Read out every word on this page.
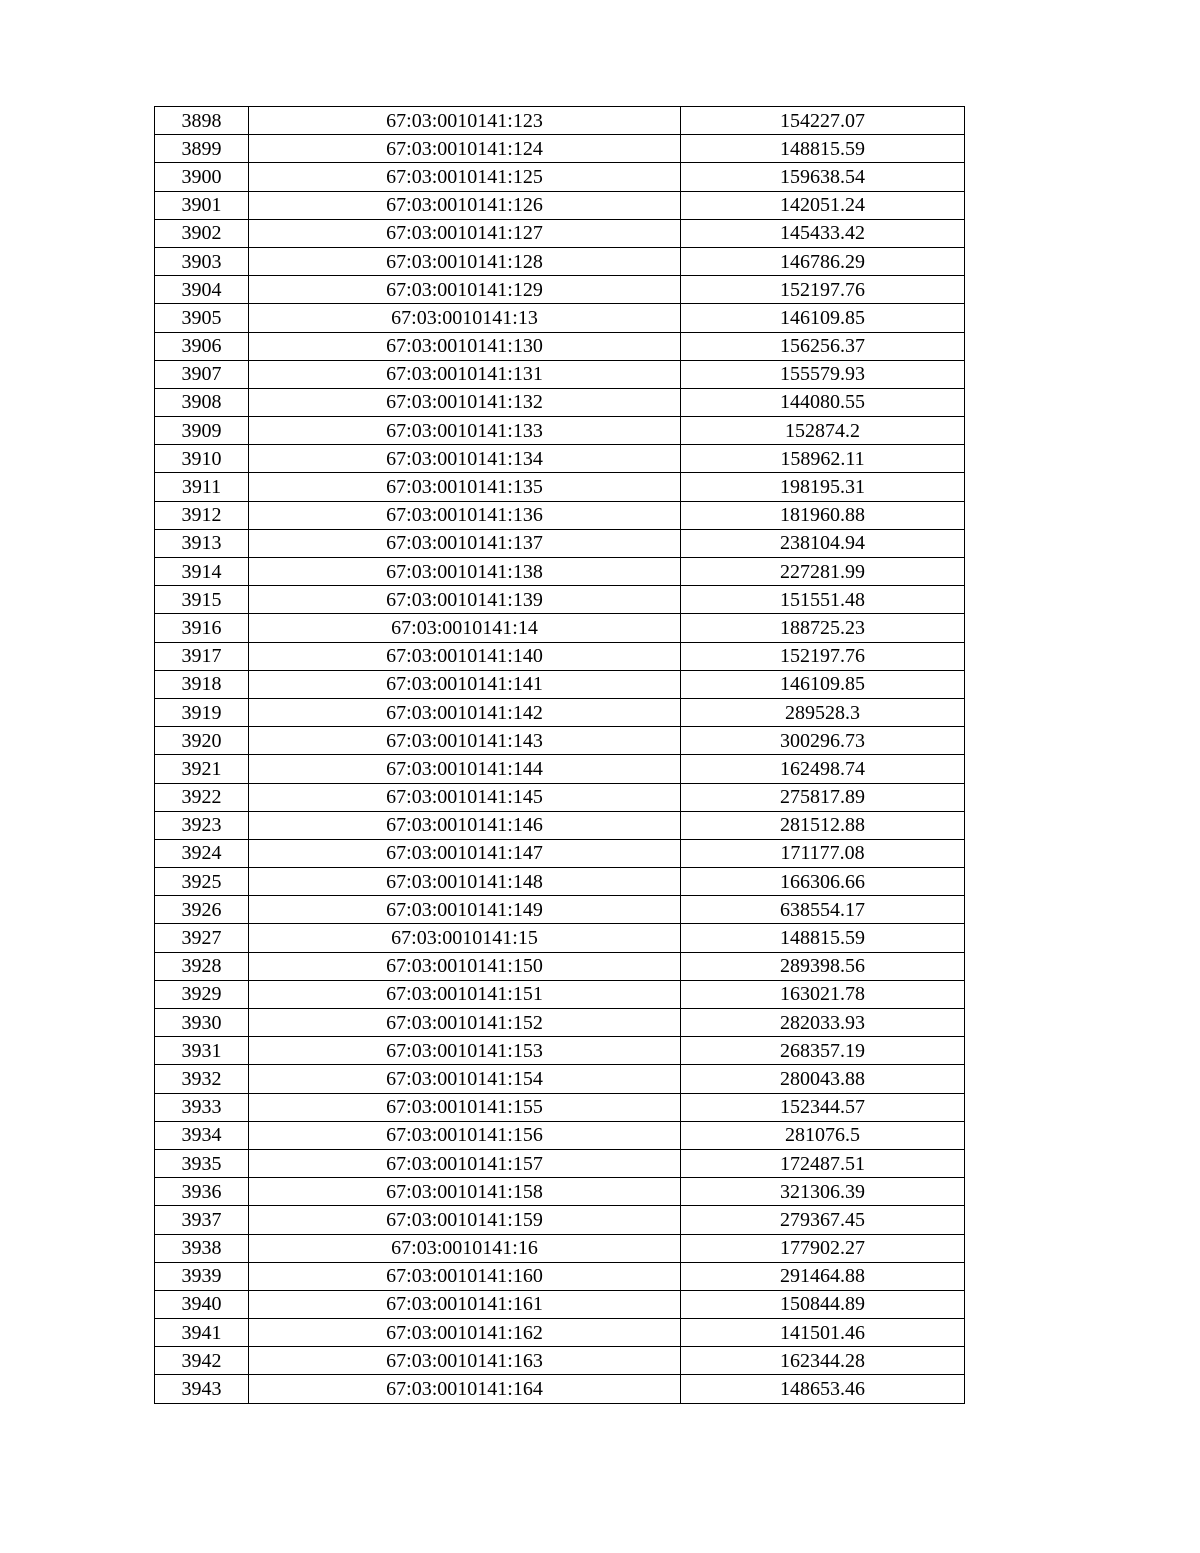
3898	67:03:0010141:123	154227.07
3899	67:03:0010141:124	148815.59
3900	67:03:0010141:125	159638.54
3901	67:03:0010141:126	142051.24
3902	67:03:0010141:127	145433.42
3903	67:03:0010141:128	146786.29
3904	67:03:0010141:129	152197.76
3905	67:03:0010141:13	146109.85
3906	67:03:0010141:130	156256.37
3907	67:03:0010141:131	155579.93
3908	67:03:0010141:132	144080.55
3909	67:03:0010141:133	152874.2
3910	67:03:0010141:134	158962.11
3911	67:03:0010141:135	198195.31
3912	67:03:0010141:136	181960.88
3913	67:03:0010141:137	238104.94
3914	67:03:0010141:138	227281.99
3915	67:03:0010141:139	151551.48
3916	67:03:0010141:14	188725.23
3917	67:03:0010141:140	152197.76
3918	67:03:0010141:141	146109.85
3919	67:03:0010141:142	289528.3
3920	67:03:0010141:143	300296.73
3921	67:03:0010141:144	162498.74
3922	67:03:0010141:145	275817.89
3923	67:03:0010141:146	281512.88
3924	67:03:0010141:147	171177.08
3925	67:03:0010141:148	166306.66
3926	67:03:0010141:149	638554.17
3927	67:03:0010141:15	148815.59
3928	67:03:0010141:150	289398.56
3929	67:03:0010141:151	163021.78
3930	67:03:0010141:152	282033.93
3931	67:03:0010141:153	268357.19
3932	67:03:0010141:154	280043.88
3933	67:03:0010141:155	152344.57
3934	67:03:0010141:156	281076.5
3935	67:03:0010141:157	172487.51
3936	67:03:0010141:158	321306.39
3937	67:03:0010141:159	279367.45
3938	67:03:0010141:16	177902.27
3939	67:03:0010141:160	291464.88
3940	67:03:0010141:161	150844.89
3941	67:03:0010141:162	141501.46
3942	67:03:0010141:163	162344.28
3943	67:03:0010141:164	148653.46
